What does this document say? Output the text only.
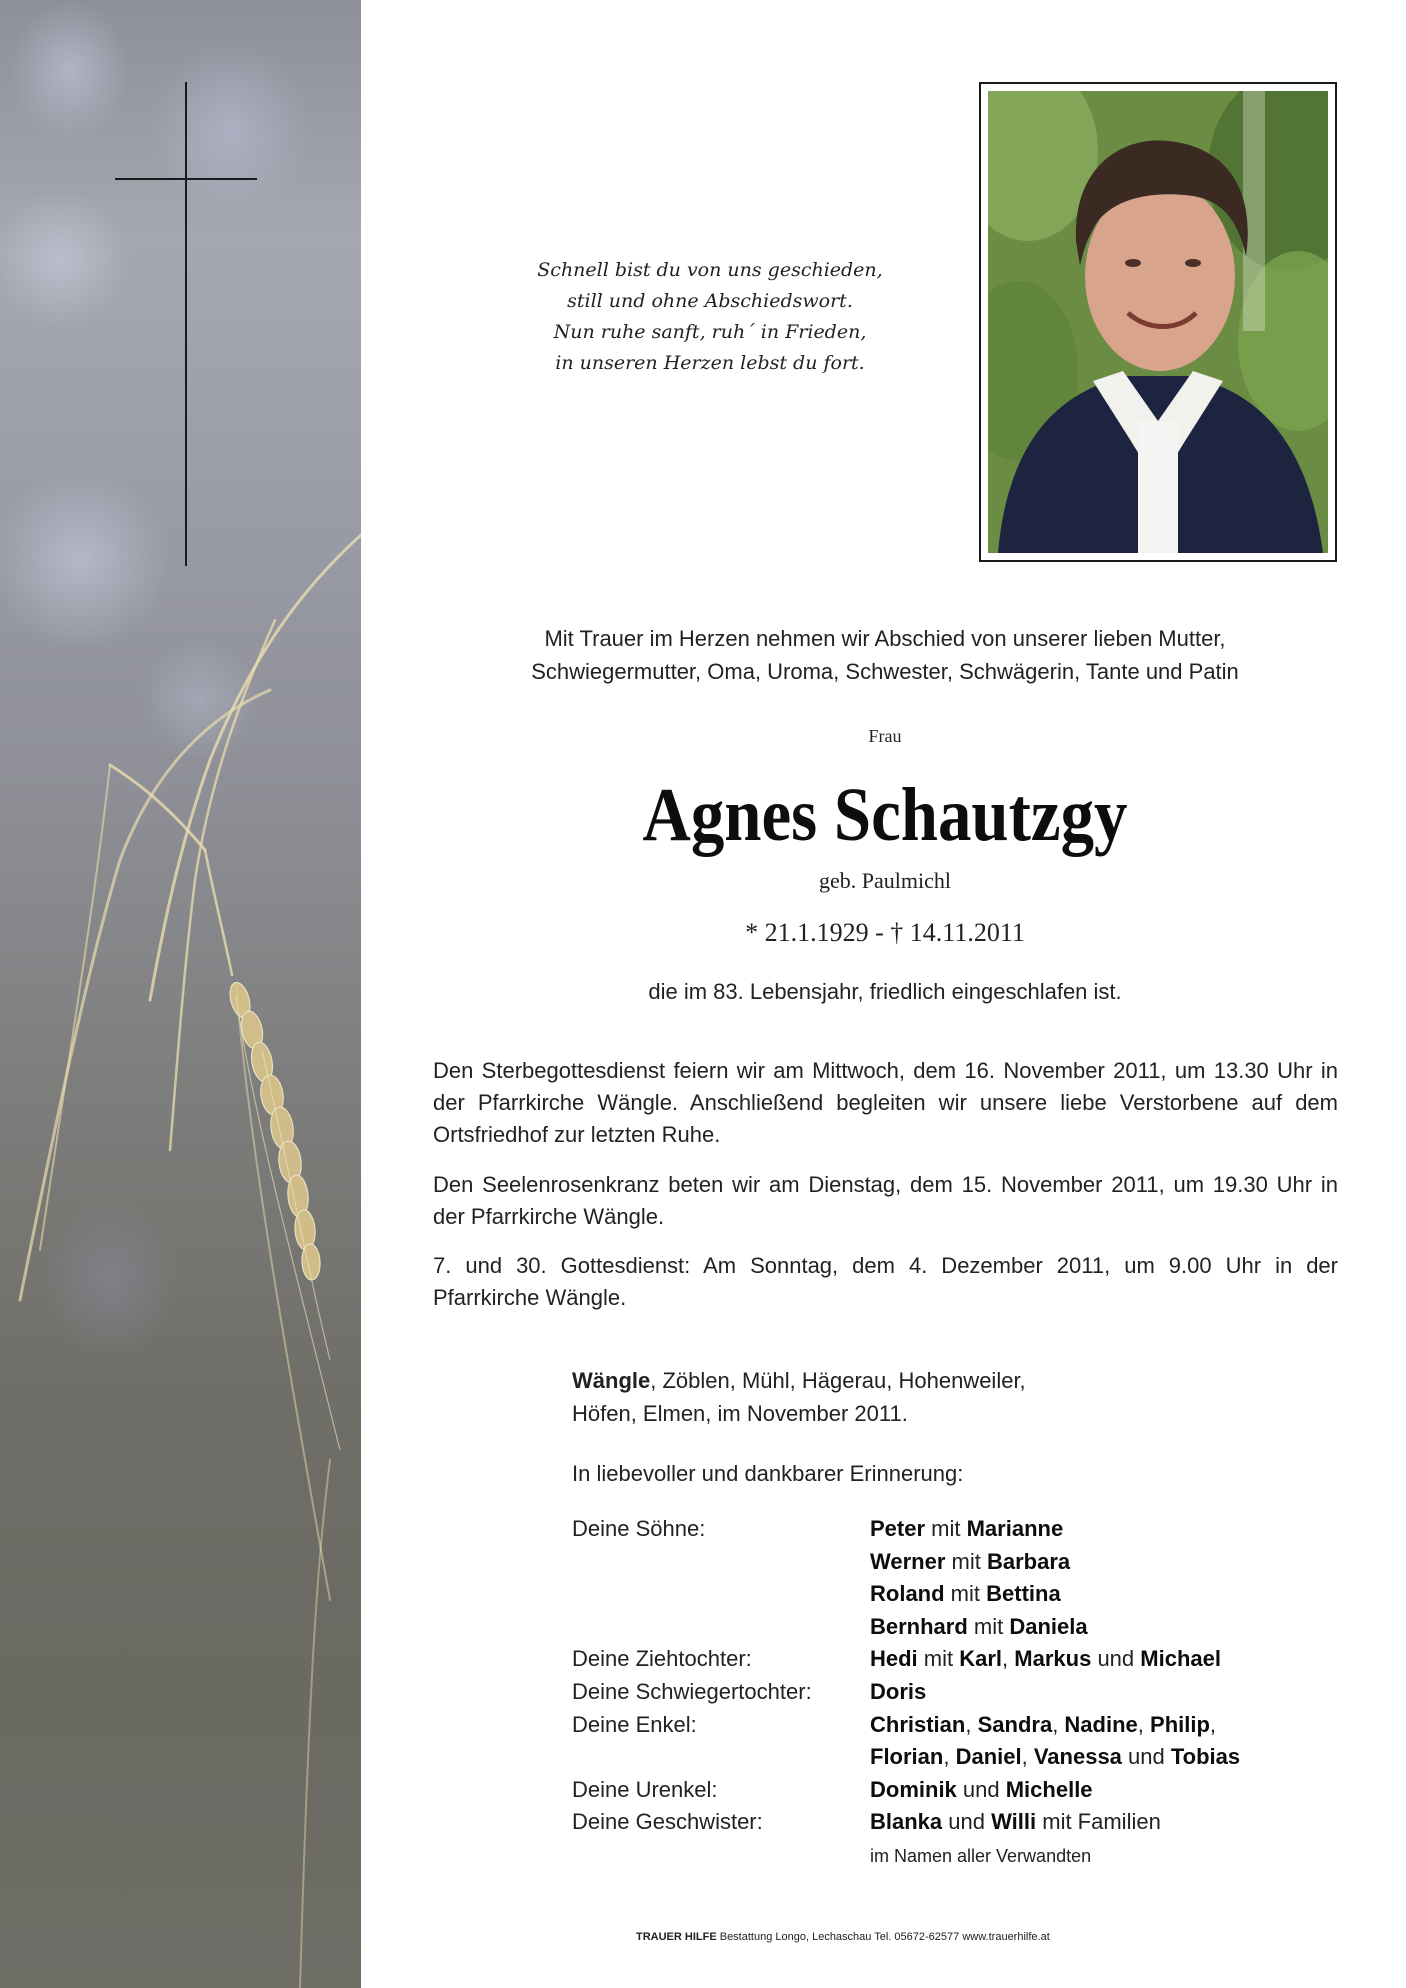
Schnell bist du von uns geschieden,
still und ohne Abschiedswort.
Nun ruhe sanft, ruh´ in Frieden,
in unseren Herzen lebst du fort.
Mit Trauer im Herzen nehmen wir Abschied von unserer lieben Mutter,
Schwiegermutter, Oma, Uroma, Schwester, Schwägerin, Tante und Patin
Frau
Agnes Schautzgy
geb. Paulmichl
* 21.1.1929 - † 14.11.2011
die im 83. Lebensjahr, friedlich eingeschlafen ist.
Den Sterbegottesdienst feiern wir am Mittwoch, dem 16. November 2011, um 13.30 Uhr in der Pfarrkirche Wängle. Anschließend begleiten wir unsere liebe Verstorbene auf dem Ortsfriedhof zur letzten Ruhe.
Den Seelenrosenkranz beten wir am Dienstag, dem 15. November 2011, um 19.30 Uhr in der Pfarrkirche Wängle.
7. und 30. Gottesdienst: Am Sonntag, dem 4. Dezember 2011, um 9.00 Uhr in der Pfarrkirche Wängle.
Wängle, Zöblen, Mühl, Hägerau, Hohenweiler,
Höfen, Elmen, im November 2011.
In liebevoller und dankbarer Erinnerung:
Deine Söhne:	Peter mit Marianne
Werner mit Barbara
Roland mit Bettina
Bernhard mit Daniela
Deine Ziehtochter:	Hedi mit Karl, Markus und Michael
Deine Schwiegertochter:	Doris
Deine Enkel:	Christian, Sandra, Nadine, Philip,
Florian, Daniel, Vanessa und Tobias
Deine Urenkel:	Dominik und Michelle
Deine Geschwister:	Blanka und Willi mit Familien
im Namen aller Verwandten
TRAUER HILFE Bestattung Longo, Lechaschau Tel. 05672-62577 www.trauerhilfe.at
